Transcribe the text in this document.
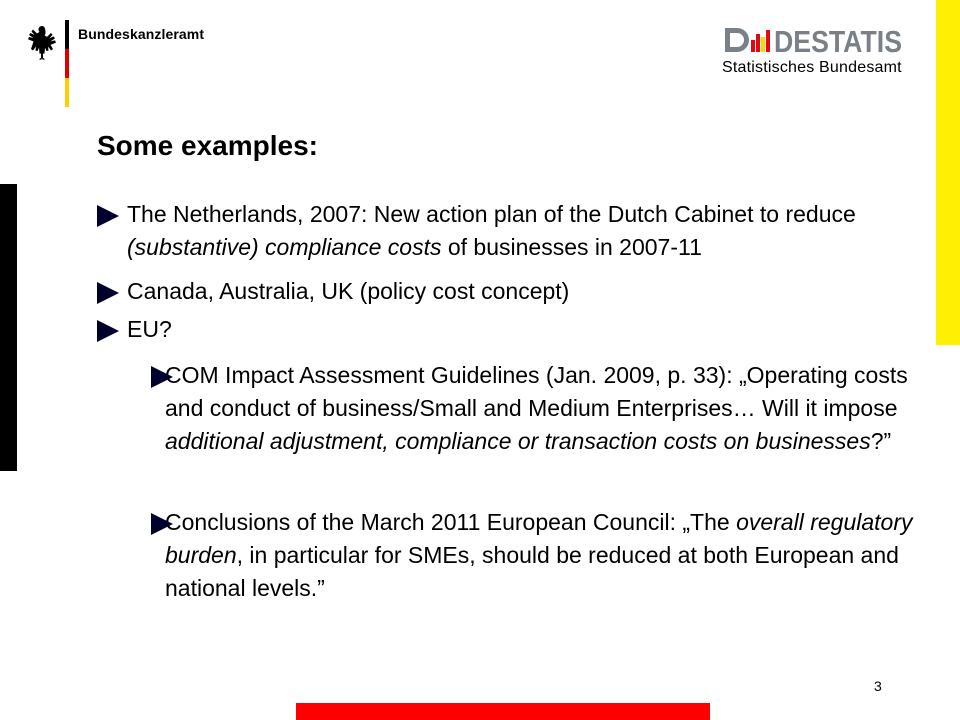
Bundeskanzleramt	DESTATIS
Statistisches Bundesamt
Some examples:
The Netherlands, 2007: New action plan of the Dutch Cabinet to reduce (substantive) compliance costs of businesses in 2007-11
Canada, Australia, UK (policy cost concept)
EU?
COM Impact Assessment Guidelines (Jan. 2009, p. 33): „Operating costs and conduct of business/Small and Medium Enterprises… Will it impose additional adjustment, compliance or transaction costs on businesses?”
Conclusions of the March 2011 European Council: „The overall regulatory burden, in particular for SMEs, should be reduced at both European and national levels.”
3
